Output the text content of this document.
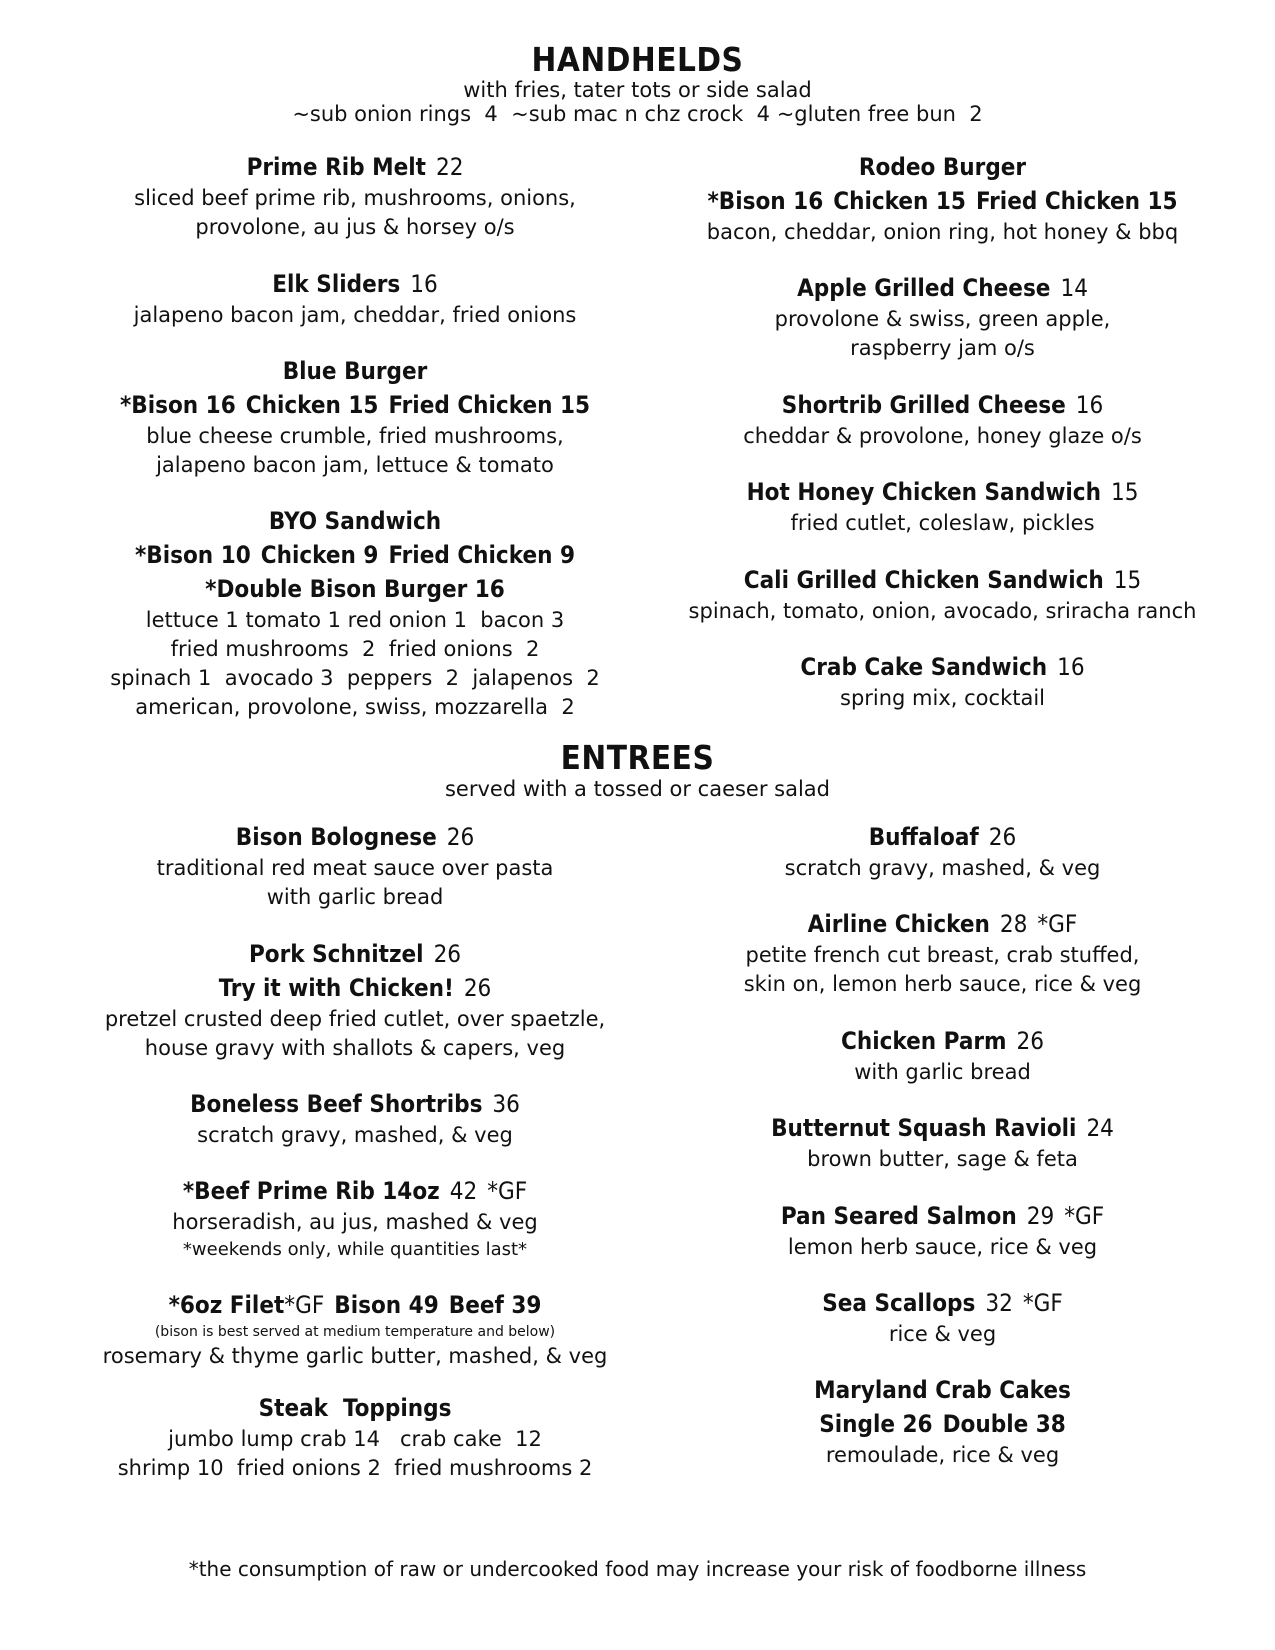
HANDHELDS
with fries, tater tots or side salad
~sub onion rings  4  ~sub mac n chz crock  4 ~gluten free bun  2
Prime Rib Melt 22
sliced beef prime rib, mushrooms, onions,
provolone, au jus & horsey o/s
Elk Sliders 16
jalapeno bacon jam, cheddar, fried onions
Blue Burger
*Bison 16 Chicken 15 Fried Chicken 15
blue cheese crumble, fried mushrooms,
jalapeno bacon jam, lettuce & tomato
BYO Sandwich
*Bison 10 Chicken 9 Fried Chicken 9
*Double Bison Burger 16
lettuce 1 tomato 1 red onion 1  bacon 3
fried mushrooms  2  fried onions  2
spinach 1  avocado 3  peppers  2  jalapenos  2
american, provolone, swiss, mozzarella  2
Rodeo Burger
*Bison 16 Chicken 15 Fried Chicken 15
bacon, cheddar, onion ring, hot honey & bbq
Apple Grilled Cheese 14
provolone & swiss, green apple,
raspberry jam o/s
Shortrib Grilled Cheese 16
cheddar & provolone, honey glaze o/s
Hot Honey Chicken Sandwich 15
fried cutlet, coleslaw, pickles
Cali Grilled Chicken Sandwich 15
spinach, tomato, onion, avocado, sriracha ranch
Crab Cake Sandwich 16
spring mix, cocktail
ENTREES
served with a tossed or caeser salad
Bison Bolognese 26
traditional red meat sauce over pasta
with garlic bread
Pork Schnitzel 26
Try it with Chicken! 26
pretzel crusted deep fried cutlet, over spaetzle,
house gravy with shallots & capers, veg
Boneless Beef Shortribs 36
scratch gravy, mashed, & veg
*Beef Prime Rib 14oz 42 *GF
horseradish, au jus, mashed & veg
*weekends only, while quantities last*
*6oz Filet*GF Bison 49 Beef 39
(bison is best served at medium temperature and below)
rosemary & thyme garlic butter, mashed, & veg
Steak  Toppings
jumbo lump crab 14   crab cake  12
shrimp 10  fried onions 2  fried mushrooms 2
Buffaloaf 26
scratch gravy, mashed, & veg
Airline Chicken 28 *GF
petite french cut breast, crab stuffed,
skin on, lemon herb sauce, rice & veg
Chicken Parm 26
with garlic bread
Butternut Squash Ravioli 24
brown butter, sage & feta
Pan Seared Salmon 29 *GF
lemon herb sauce, rice & veg
Sea Scallops 32 *GF
rice & veg
Maryland Crab Cakes
Single 26 Double 38
remoulade, rice & veg
*the consumption of raw or undercooked food may increase your risk of foodborne illness
